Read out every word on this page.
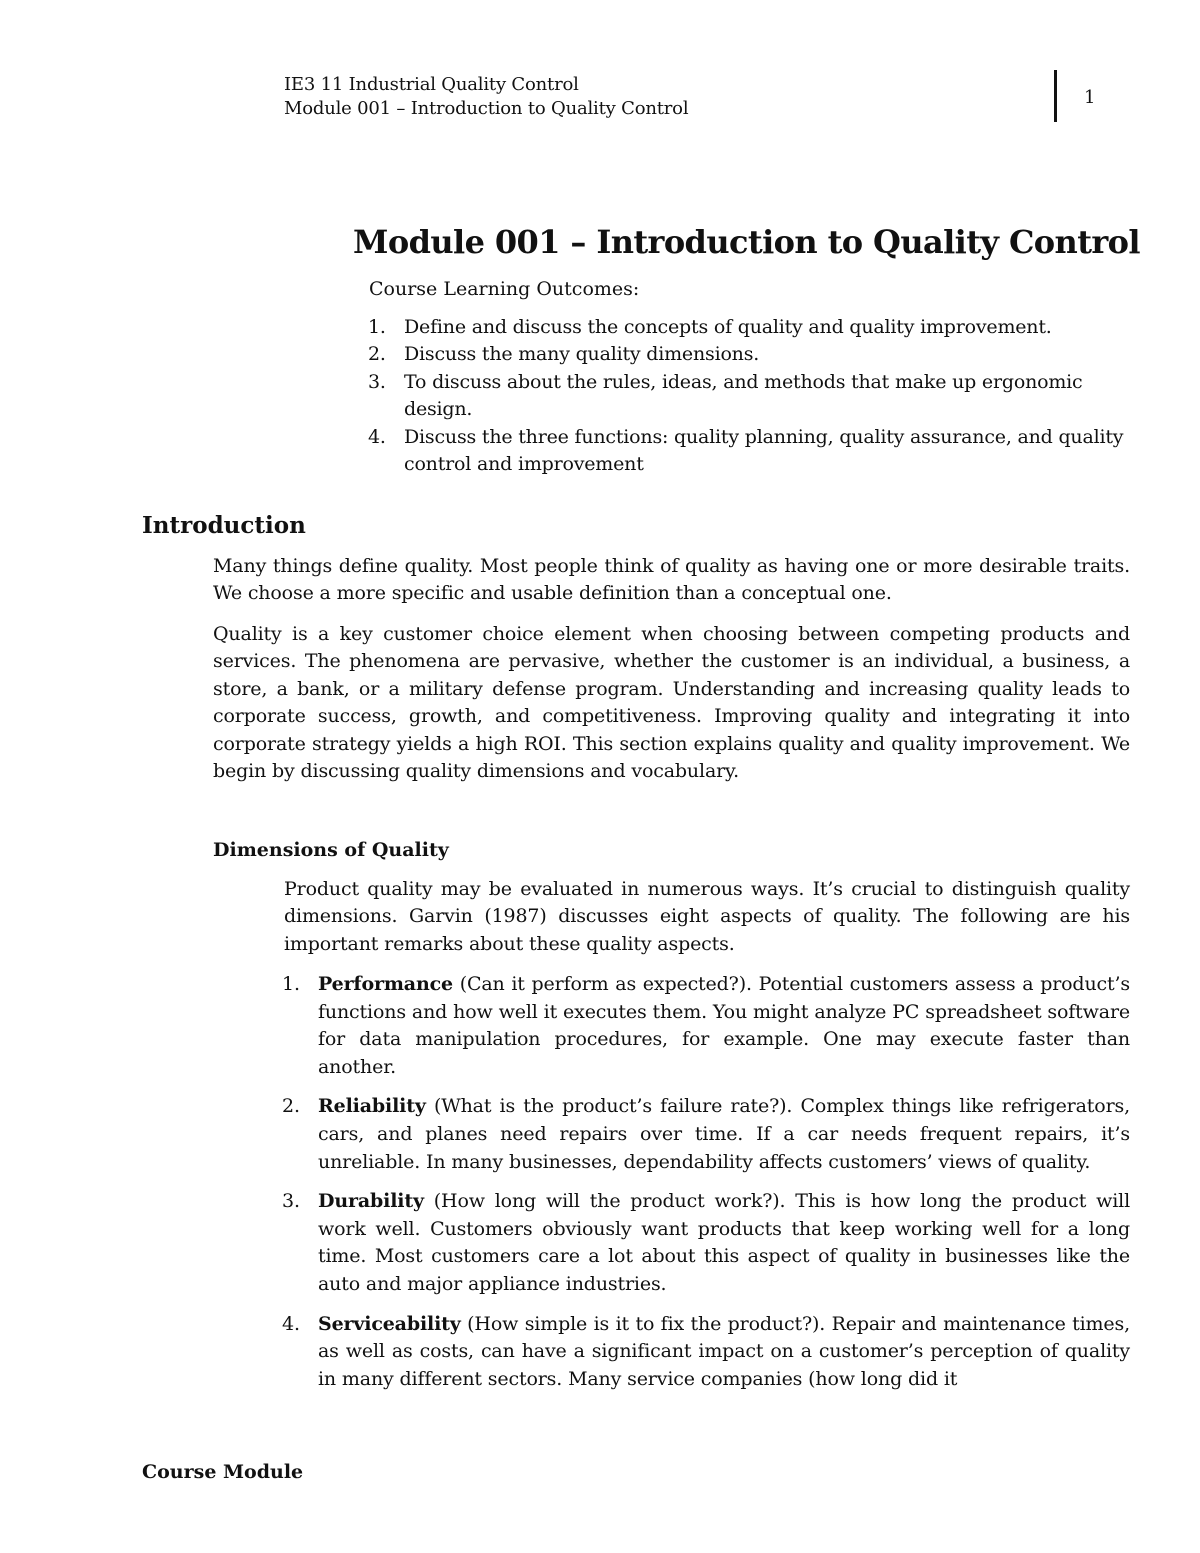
IE3 11 Industrial Quality Control
Module 001 – Introduction to Quality Control
1
Module 001 – Introduction to Quality Control
Course Learning Outcomes:
1. Define and discuss the concepts of quality and quality improvement.
2. Discuss the many quality dimensions.
3. To discuss about the rules, ideas, and methods that make up ergonomic design.
4. Discuss the three functions: quality planning, quality assurance, and quality control and improvement
Introduction

Many things define quality. Most people think of quality as having one or more desirable traits. We choose a more specific and usable definition than a conceptual one.

Quality is a key customer choice element when choosing between competing products and services. The phenomena are pervasive, whether the customer is an individual, a business, a store, a bank, or a military defense program. Understanding and increasing quality leads to corporate success, growth, and competitiveness. Improving quality and integrating it into corporate strategy yields a high ROI. This section explains quality and quality improvement. We begin by discussing quality dimensions and vocabulary.

Dimensions of Quality

Product quality may be evaluated in numerous ways. It’s crucial to distinguish quality dimensions. Garvin (1987) discusses eight aspects of quality. The following are his important remarks about these quality aspects.

1. Performance (Can it perform as expected?). Potential customers assess a product’s functions and how well it executes them. You might analyze PC spreadsheet software for data manipulation procedures, for example. One may execute faster than another.
2. Reliability (What is the product’s failure rate?). Complex things like refrigerators, cars, and planes need repairs over time. If a car needs frequent repairs, it’s unreliable. In many businesses, dependability affects customers’ views of quality.
3. Durability (How long will the product work?). This is how long the product will work well. Customers obviously want products that keep working well for a long time. Most customers care a lot about this aspect of quality in businesses like the auto and major appliance industries.
4. Serviceability (How simple is it to fix the product?). Repair and maintenance times, as well as costs, can have a significant impact on a customer’s perception of quality in many different sectors. Many service companies (how long did it
Course Module
